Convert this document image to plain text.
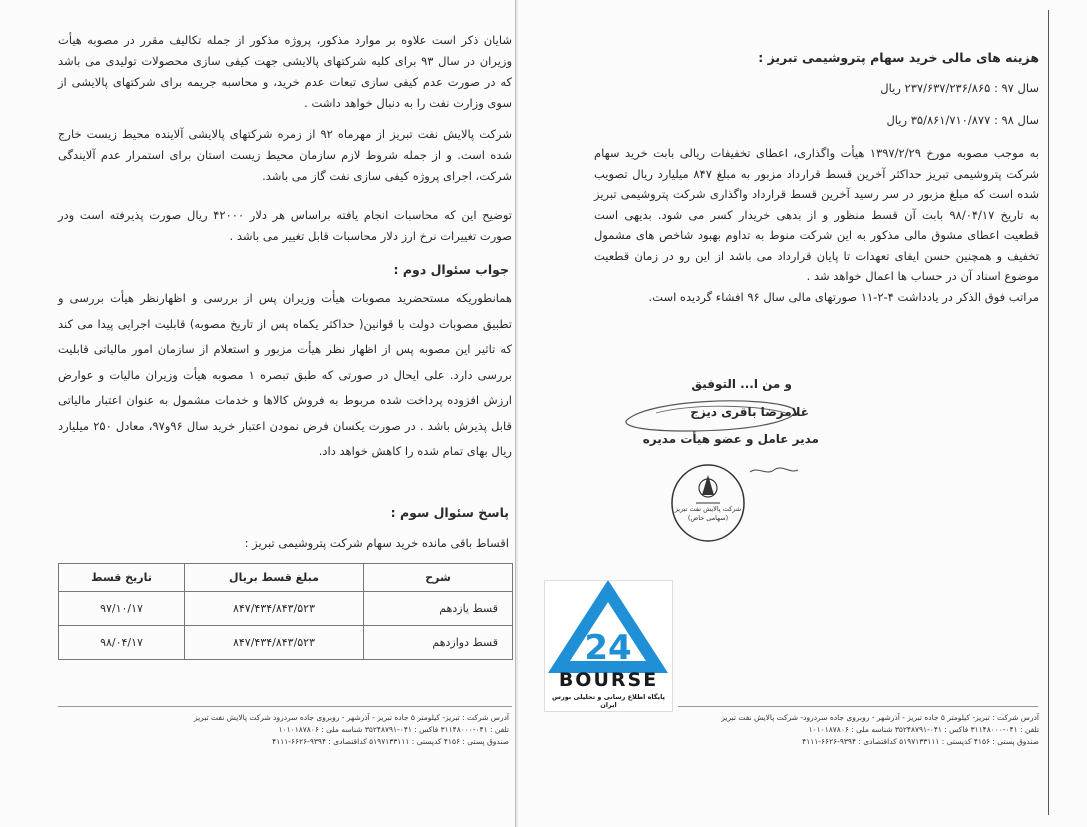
شایان ذکر است علاوه بر موارد مذکور، پروژه مذکور از جمله تکالیف مقرر در مصوبه هیأت وزیران در سال ۹۳ برای کلیه شرکتهای پالایشی جهت کیفی سازی محصولات تولیدی می باشد که در صورت عدم کیفی سازی تبعات عدم خرید، و محاسبه جریمه برای شرکتهای پالایشی از سوی وزارت نفت را به دنبال خواهد داشت .

شرکت پالایش نفت تبریز از مهرماه ۹۲ از زمره شرکتهای پالایشی آلاینده محیط زیست خارج شده است. و از جمله شروط لازم سازمان محیط زیست استان برای استمرار عدم آلایندگی شرکت، اجرای پروژه کیفی سازی نفت گاز می باشد.

توضیح این که محاسبات انجام یافته براساس هر دلار ۴۲۰۰۰ ریال صورت پذیرفته است ودر صورت تغییرات نرخ ارز دلار محاسبات قابل تغییر می باشد .

جواب سئوال دوم :

همانطوریکه مستحضرید مصوبات هیأت وزیران پس از بررسی و اظهارنظر هیأت بررسی و تطبیق مصوبات دولت با قوانین( حداکثر یکماه پس از تاریخ مصوبه) قابلیت اجرایی پیدا می کند که تاثیر این مصوبه پس از اظهار نظر هیأت مزبور و استعلام از سازمان امور مالیاتی قابلیت بررسی دارد. علی ایحال در صورتی که طبق تبصره ۱ مصوبه هیأت وزیران مالیات و عوارض ارزش افزوده پرداخت شده مربوط به فروش کالاها و خدمات مشمول به عنوان اعتبار مالیاتی قابل پذیرش باشد . در صورت یکسان فرض نمودن اعتبار خرید سال ۹۶و۹۷، معادل ۲۵۰ میلیارد ریال بهای تمام شده را کاهش خواهد داد.

پاسخ سئوال سوم :
اقساط باقی مانده خرید سهام شرکت پتروشیمی تبریز :
شرح	مبلغ قسط بریال	تاریخ قسط
قسط یازدهم	۸۴۷/۴۳۴/۸۴۳/۵۲۳	۹۷/۱۰/۱۷
قسط دوازدهم	۸۴۷/۴۳۴/۸۴۳/۵۲۳	۹۸/۰۴/۱۷
آدرس شرکت : تبریز- کیلومتر ۵ جاده تبریز - آذرشهر - روبروی جاده سردرود شرکت پالایش نفت تبریز
تلفن : ۰۴۱-۳۱۱۴۸۰۰۰ فاکس : ۰۴۱-۳۵۲۴۸۷۹۱ شناسه ملی : ۱۰۱۰۱۸۷۸۰۶
صندوق پستی : ۴۱۵۶ کدپستی : ۵۱۹۷۱۳۳۱۱۱ کداقتصادی : ۹۳۹۴-۶۶۲۶-۴۱۱۱
هزینه های مالی خرید سهام پتروشیمی تبریز :
سال ۹۷ : ۲۳۷/۶۳۷/۲۳۶/۸۶۵ ریال
سال ۹۸ : ۳۵/۸۶۱/۷۱۰/۸۷۷ ریال

به موجب مصوبه مورخ ۱۳۹۷/۲/۲۹ هیأت واگذاری، اعطای تخفیفات ریالی بابت خرید سهام شرکت پتروشیمی تبریز حداکثر آخرین قسط قرارداد مزبور به مبلغ ۸۴۷ میلیارد ریال تصویب شده است که مبلغ مزبور در سر رسید آخرین قسط قرارداد واگذاری شرکت پتروشیمی تبریز به تاریخ ۹۸/۰۴/۱۷ بابت آن قسط منظور و از بدهی خریدار کسر می شود. بدیهی است قطعیت اعطای مشوق مالی مذکور به این شرکت منوط به تداوم بهبود شاخص های مشمول تخفیف و همچنین حسن ایفای تعهدات تا پایان قرارداد می باشد از این رو در زمان قطعیت موضوع اسناد آن در حساب ها اعمال خواهد شد .

مراتب فوق الذکر در یادداشت ۴-۲-۱۱ صورتهای مالی سال ۹۶ افشاء گردیده است.

و من ا... التوفیق
غلامرضا باقری دیزج
مدیر عامل و عضو هیأت مدیره
شرکت پالایش نفت تبریز (سهامی خاص)
آدرس شرکت : تبریز- کیلومتر ۵ جاده تبریز - آذرشهر - روبروی جاده سردرود- شرکت پالایش نفت تبریز
تلفن : ۰۴۱-۳۱۱۴۸۰۰۰ فاکس : ۰۴۱-۳۵۲۴۸۷۹۱ شناسه ملی : ۱۰۱۰۱۸۷۸۰۶
صندوق پستی : ۴۱۵۶ کدپستی : ۵۱۹۷۱۳۳۱۱۱ کداقتصادی : ۹۳۹۴-۶۶۲۶-۴۱۱۱
24
BOURSE
پایگاه اطلاع رسانی و تحلیلی بورس ایران
